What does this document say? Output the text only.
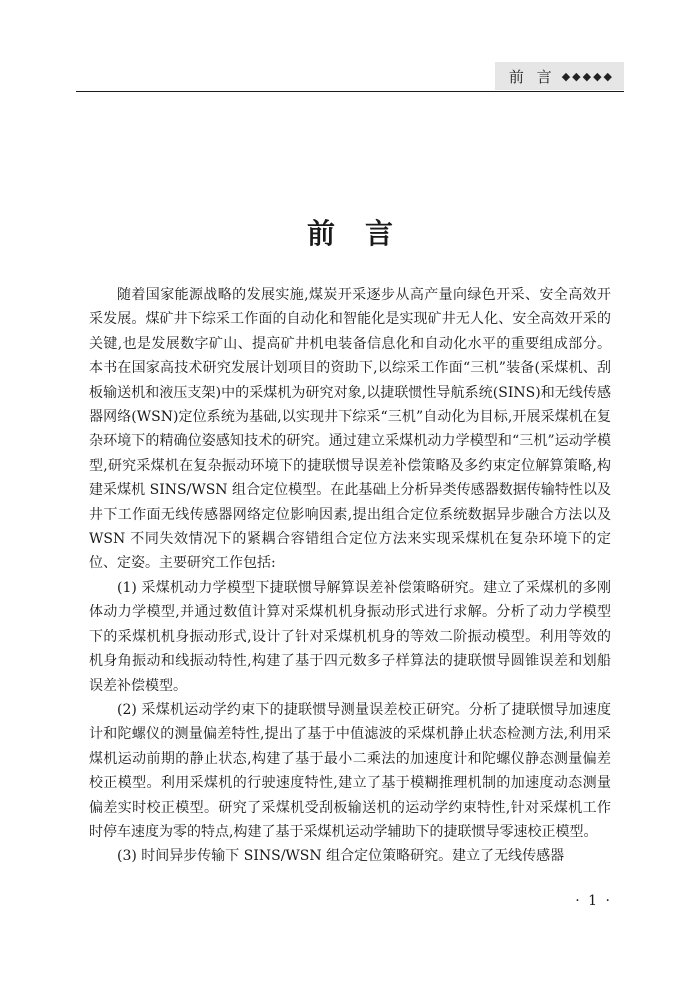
前 言 ◆◆◆◆◆
前言

随着国家能源战略的发展实施,煤炭开采逐步从高产量向绿色开采、安全高效开采发展。煤矿井下综采工作面的自动化和智能化是实现矿井无人化、安全高效开采的关键,也是发展数字矿山、提高矿井机电装备信息化和自动化水平的重要组成部分。本书在国家高技术研究发展计划项目的资助下,以综采工作面“三机”装备(采煤机、刮板输送机和液压支架)中的采煤机为研究对象,以捷联惯性导航系统(SINS)和无线传感器网络(WSN)定位系统为基础,以实现井下综采“三机”自动化为目标,开展采煤机在复杂环境下的精确位姿感知技术的研究。通过建立采煤机动力学模型和“三机”运动学模型,研究采煤机在复杂振动环境下的捷联惯导误差补偿策略及多约束定位解算策略,构建采煤机 SINS/WSN 组合定位模型。在此基础上分析异类传感器数据传输特性以及井下工作面无线传感器网络定位影响因素,提出组合定位系统数据异步融合方法以及 WSN 不同失效情况下的紧耦合容错组合定位方法来实现采煤机在复杂环境下的定位、定姿。主要研究工作包括:

(1) 采煤机动力学模型下捷联惯导解算误差补偿策略研究。建立了采煤机的多刚体动力学模型,并通过数值计算对采煤机机身振动形式进行求解。分析了动力学模型下的采煤机机身振动形式,设计了针对采煤机机身的等效二阶振动模型。利用等效的机身角振动和线振动特性,构建了基于四元数多子样算法的捷联惯导圆锥误差和划船误差补偿模型。

(2) 采煤机运动学约束下的捷联惯导测量误差校正研究。分析了捷联惯导加速度计和陀螺仪的测量偏差特性,提出了基于中值滤波的采煤机静止状态检测方法,利用采煤机运动前期的静止状态,构建了基于最小二乘法的加速度计和陀螺仪静态测量偏差校正模型。利用采煤机的行驶速度特性,建立了基于模糊推理机制的加速度动态测量偏差实时校正模型。研究了采煤机受刮板输送机的运动学约束特性,针对采煤机工作时停车速度为零的特点,构建了基于采煤机运动学辅助下的捷联惯导零速校正模型。

(3) 时间异步传输下 SINS/WSN 组合定位策略研究。建立了无线传感器

· 1 ·
